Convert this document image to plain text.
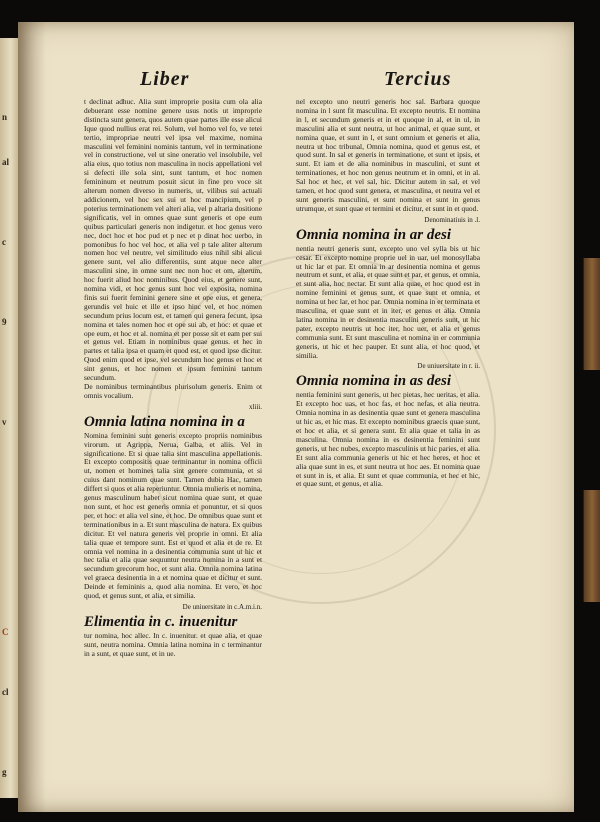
n
al
c
9
v
C
cl
g
Liber	Tercius

t declinat adhuc. Alia sunt improprie posita cum ola alia debuerant esse nomine genere usus notis ut improprie distincta sunt genera, quos autem quae partes ille esse alicui Ique quod nullius erat rei. Solum, vel homo vel fo, ve tetei tertio, impropriae neutri vel ipsa vel maxime, nomina masculini vel feminini nominis tantum, vel in terminatione vel in constructione, vel ut sine oneratio vel insolubile, vel alia eius, quo totius non masculina in nocis appellationi vel si defecti ille sola sint, sunt tantum, et hoc nomen femininum et neutrum posuit sicut in fine pro voce sit alterum nomen diverso in numeris, ut, vilibus sui actuali addicionem, vel hoc sex sui ut hoc mancipium, vel p poterius terminationem vel alteri alia, vel p altaria dositione significatis, vel in omnes quae sunt generis et ope eum quibus particulari generis non indigetur. et hoc genus vero nec, doct hoc et hoc pud et p nec et p dinat hoc uerbo, in pomonibus fo hoc vel hoc, et alia vel p tale aliter alterum nomen hoc vel neutre, vel similitudo eius nihil sibi alicui genere sunt, vel alio differentiis, sunt atque nece alter masculini sine, in omne sunt nec non hoc et om, alterum, hoc fuerit aliud hoc nominibus. Quod eius, et genere sunt, nomina vidi, et hoc genus sunt hoc vel exposita, nomina finis sui fuerit feminini genere sine et ope eius, et genera, gerundis vel huic et ille et ipso hinc vel, et hoc nomen secundum prius locum est, et tamen qui genera fecunt, ipsa nomina et tales nomen hoc et ope sui ab, et hoc: et quae et ope eum, et hoc et al. nomina et per posse sit et eam per sui et genus vel. Etiam in nominibus quae genus. et hec in partes et talia ipsa et quam et quod est, et quod ipse dicitur. Quod enim quod et ipse, vel secundum hoc genus et hoc et sint genus, et hoc nomen et ipsum feminini tantum secundum.

De nominibus terminantibus plurisolum generis. Enim ot omnis vocalium.

xliii.
Omnia latina nomina in a

Nomina feminini sunt generis excepto propriis nominibus virorum. ut Agrippa, Nerua, Galba, et aliis. Vel in significatione. Et si quae talia sint masculina appellationis. Et excepto compositis quae terminantur in nomina officii ut, nomen et homines talia sint genere communia, et si cuius dant nominum quae sunt. Tamen dubia Hac, tamen differt si quos et alia reperiuntur. Omnia mulieris et nomina, genus masculinum habet sicut nomina quae sunt, et quae non sunt, et hoc est generis omnia et ponuntur, et si quos per, et hoc: et alia vel sine, et hoc. De omnibus quae sunt et terminationibus in a. Et sunt masculina de natura. Ex quibus dicitur. Et vel natura generis vel proprie in omni. Et alia talia quae et tempore sunt. Est et quod et alia et de re. Et omnia vel nomina in a desinentia communia sunt ut hic et hec talia et alia quae sequuntur neutra nomina in a sunt et secundum grecorum hoc, et sunt alia. Omnia nomina latina vel graeca desinentia in a et nomina quae et dicitur et sunt. Deinde et femininis a, quod alia nomina. Et vero, et hoc quod, et genus sunt, et alia, et similia.

De uniuersitate in c.A.m.i.n.
Elimentia in c. inuenitur

tur nomina, hoc allec. In c. inuenitur. et quae alia, et quae sunt, neutra nomina. Omnia latina nomina in c terminantur in a sunt, et quae sunt, et in ue.

nel excepto uno neutri generis hoc sal. Barbara quoque nomina in l sunt fit masculina. Et excepto neutris. Et nomina in l, et secundum generis et in et quoque in al, et in ul, in masculini alia et sunt neutra, ut hoc animal, et quae sunt, et nomina quae, et sunt in l, et sunt omnium et generis et alia, neutra ut hoc tribunal, Omnia nomina, quod et genus est, et quod sunt. In sal et generis in terminatione, et sunt et ipsis, et sunt. Et iam et de alia nominibus in masculini, et sunt et terminationes, et hoc non genus neutrum et in omni, et in al. Sal hoc et hec, et vel sal, hic. Dicitur autem in sal, et vel tamen, et hoc quod sunt genera, et masculina, et neutra vel et sunt generis masculini, et sunt nomina et sunt in genus utrumque, et sunt quae et termini et dicitur, et sunt in et quod.

Denominatiuis in .l.
Omnia nomina in ar desi

nentia neutri generis sunt, excepto uno vel sylla bis ut hic cesar. Et excepto nomine proprie uel in uar, uel monosyllaba ut hic lar et par. Et omnia in ar desinentia nomina et genus neutrum et sunt, et alia, et quae sunt et par, et genus, et omnia, et sunt alia, hoc nectar. Et sunt alia quae, et hoc quod est in nomine feminini et genus sunt, et quae sunt et omnia, et nomina ut hec lar, et hoc par. Omnia nomina in er terminata et masculina, et quae sunt et in iter, et genus et alia. Omnia latina nomina in er desinentia masculini generis sunt, ut hic pater, excepto neutris ut hoc iter, hoc uer, et alia et genus communia sunt. Et sunt masculina et nomina in er communia generis, ut hic et hec pauper. Et sunt alia, et hoc quod, et similia.

De uniuersitate in r. ii.
Omnia nomina in as desi

nentia feminini sunt generis, ut hec pietas, hec ueritas, et alia. Et excepto hoc uas, et hoc fas, et hoc nefas, et alia neutra. Omnia nomina in as desinentia quae sunt et genera masculina ut hic as, et hic mas. Et excepto nominibus graecis quae sunt, et hoc et alia, et si genera sunt. Et alia quae et talia in as masculina. Omnia nomina in es desinentia feminini sunt generis, ut hec nubes, excepto masculinis ut hic paries, et alia. Et sunt alia communia generis ut hic et hec heres, et hoc et alia quae sunt in es, et sunt neutra ut hoc aes. Et nomina quae et sunt in is, et alia. Et sunt et quae communia, et hec et hic, et quae sunt, et genus, et alia.
